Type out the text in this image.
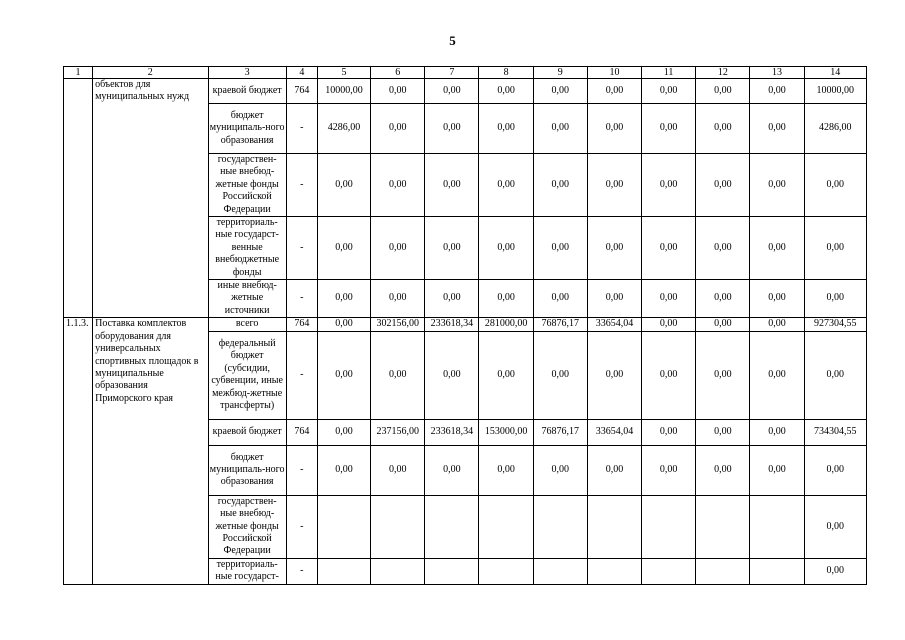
5
1	2	3	4	5	6	7	8	9	10	11	12	13	14
	объектов для муниципальных нужд	краевой бюджет	764	10000,00	0,00	0,00	0,00	0,00	0,00	0,00	0,00	0,00	10000,00
		бюджет муниципаль-ного образования	-	4286,00	0,00	0,00	0,00	0,00	0,00	0,00	0,00	0,00	4286,00
		государствен-ные внебюд-жетные фонды Российской Федерации	-	0,00	0,00	0,00	0,00	0,00	0,00	0,00	0,00	0,00	0,00
		территориаль-ные государст-венные внебюджетные фонды	-	0,00	0,00	0,00	0,00	0,00	0,00	0,00	0,00	0,00	0,00
		иные внебюд-жетные источники	-	0,00	0,00	0,00	0,00	0,00	0,00	0,00	0,00	0,00	0,00
1.1.3.	Поставка комплектов оборудования для универсальных спортивных площадок в муниципальные образования Приморского края	всего	764	0,00	302156,00	233618,34	281000,00	76876,17	33654,04	0,00	0,00	0,00	927304,55
		федеральный бюджет (субсидии, субвенции, иные межбюд-жетные трансферты)	-	0,00	0,00	0,00	0,00	0,00	0,00	0,00	0,00	0,00	0,00
		краевой бюджет	764	0,00	237156,00	233618,34	153000,00	76876,17	33654,04	0,00	0,00	0,00	734304,55
		бюджет муниципаль-ного образования	-	0,00	0,00	0,00	0,00	0,00	0,00	0,00	0,00	0,00	0,00
		государствен-ные внебюд-жетные фонды Российской Федерации	-										0,00
		территориаль-ные государст-	-										0,00
